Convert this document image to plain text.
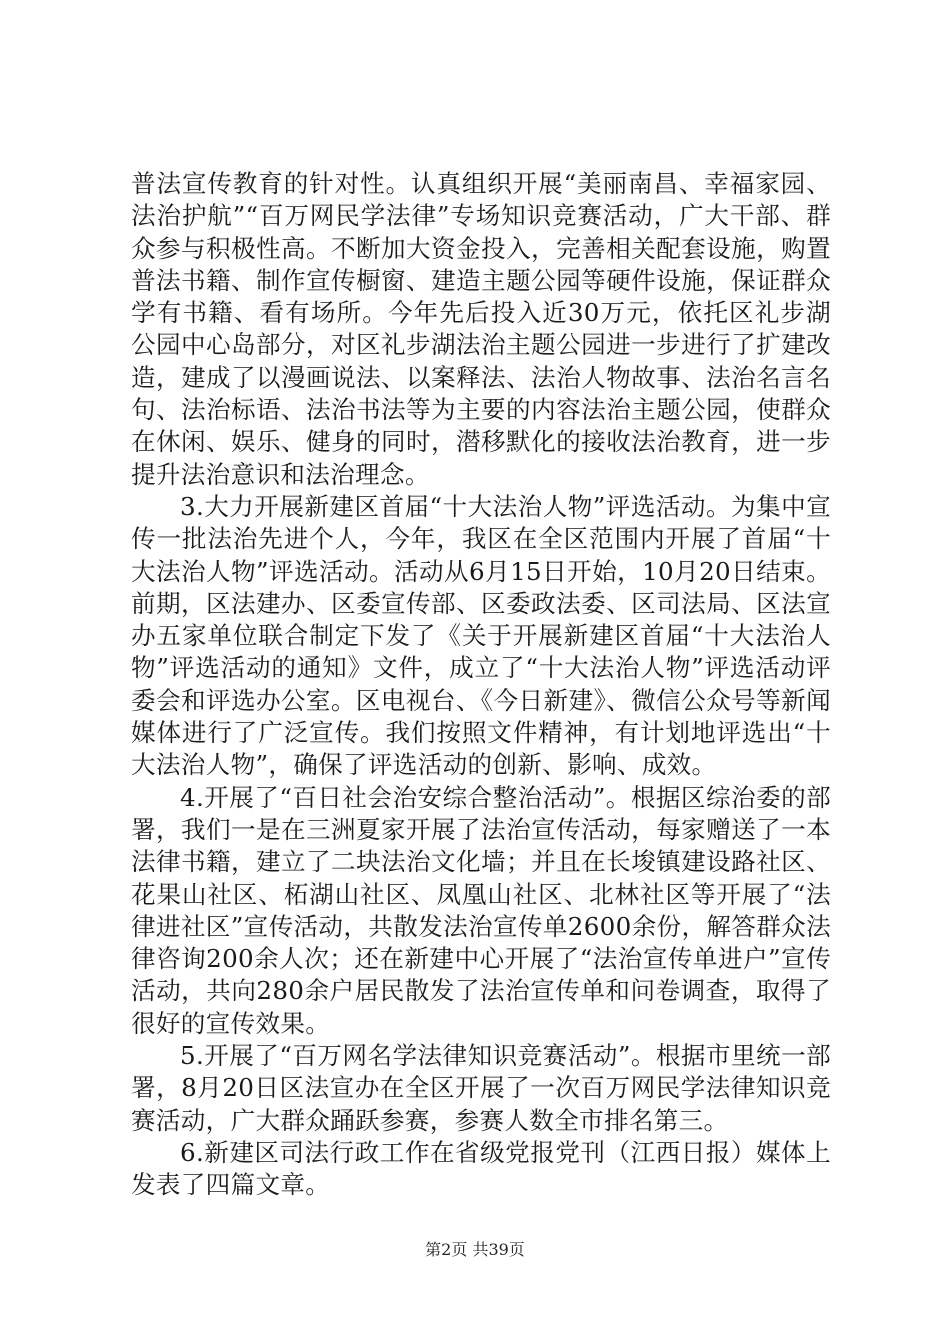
普法宣传教育的针对性。认真组织开展“美丽南昌、幸福家园、法治护航”“百万网民学法律”专场知识竞赛活动，广大干部、群众参与积极性高。不断加大资金投入，完善相关配套设施，购置普法书籍、制作宣传橱窗、建造主题公园等硬件设施，保证群众学有书籍、看有场所。今年先后投入近30万元，依托区礼步湖公园中心岛部分，对区礼步湖法治主题公园进一步进行了扩建改造，建成了以漫画说法、以案释法、法治人物故事、法治名言名句、法治标语、法治书法等为主要的内容法治主题公园，使群众在休闲、娱乐、健身的同时，潜移默化的接收法治教育，进一步提升法治意识和法治理念。

3.大力开展新建区首届“十大法治人物”评选活动。为集中宣传一批法治先进个人，今年，我区在全区范围内开展了首届“十大法治人物”评选活动。活动从6月15日开始，10月20日结束。前期，区法建办、区委宣传部、区委政法委、区司法局、区法宣办五家单位联合制定下发了《关于开展新建区首届“十大法治人物”评选活动的通知》文件，成立了“十大法治人物”评选活动评委会和评选办公室。区电视台、《今日新建》、微信公众号等新闻媒体进行了广泛宣传。我们按照文件精神，有计划地评选出“十大法治人物”，确保了评选活动的创新、影响、成效。

4.开展了“百日社会治安综合整治活动”。根据区综治委的部署，我们一是在三洲夏家开展了法治宣传活动，每家赠送了一本法律书籍，建立了二块法治文化墙；并且在长埈镇建设路社区、花果山社区、柘湖山社区、凤凰山社区、北林社区等开展了“法律进社区”宣传活动，共散发法治宣传单2600余份，解答群众法律咨询200余人次；还在新建中心开展了“法治宣传单进户”宣传活动，共向280余户居民散发了法治宣传单和问卷调查，取得了很好的宣传效果。

5.开展了“百万网名学法律知识竞赛活动”。根据市里统一部署，8月20日区法宣办在全区开展了一次百万网民学法律知识竞赛活动，广大群众踊跃参赛，参赛人数全市排名第三。

6.新建区司法行政工作在省级党报党刊（江西日报）媒体上发表了四篇文章。

第2页 共39页
